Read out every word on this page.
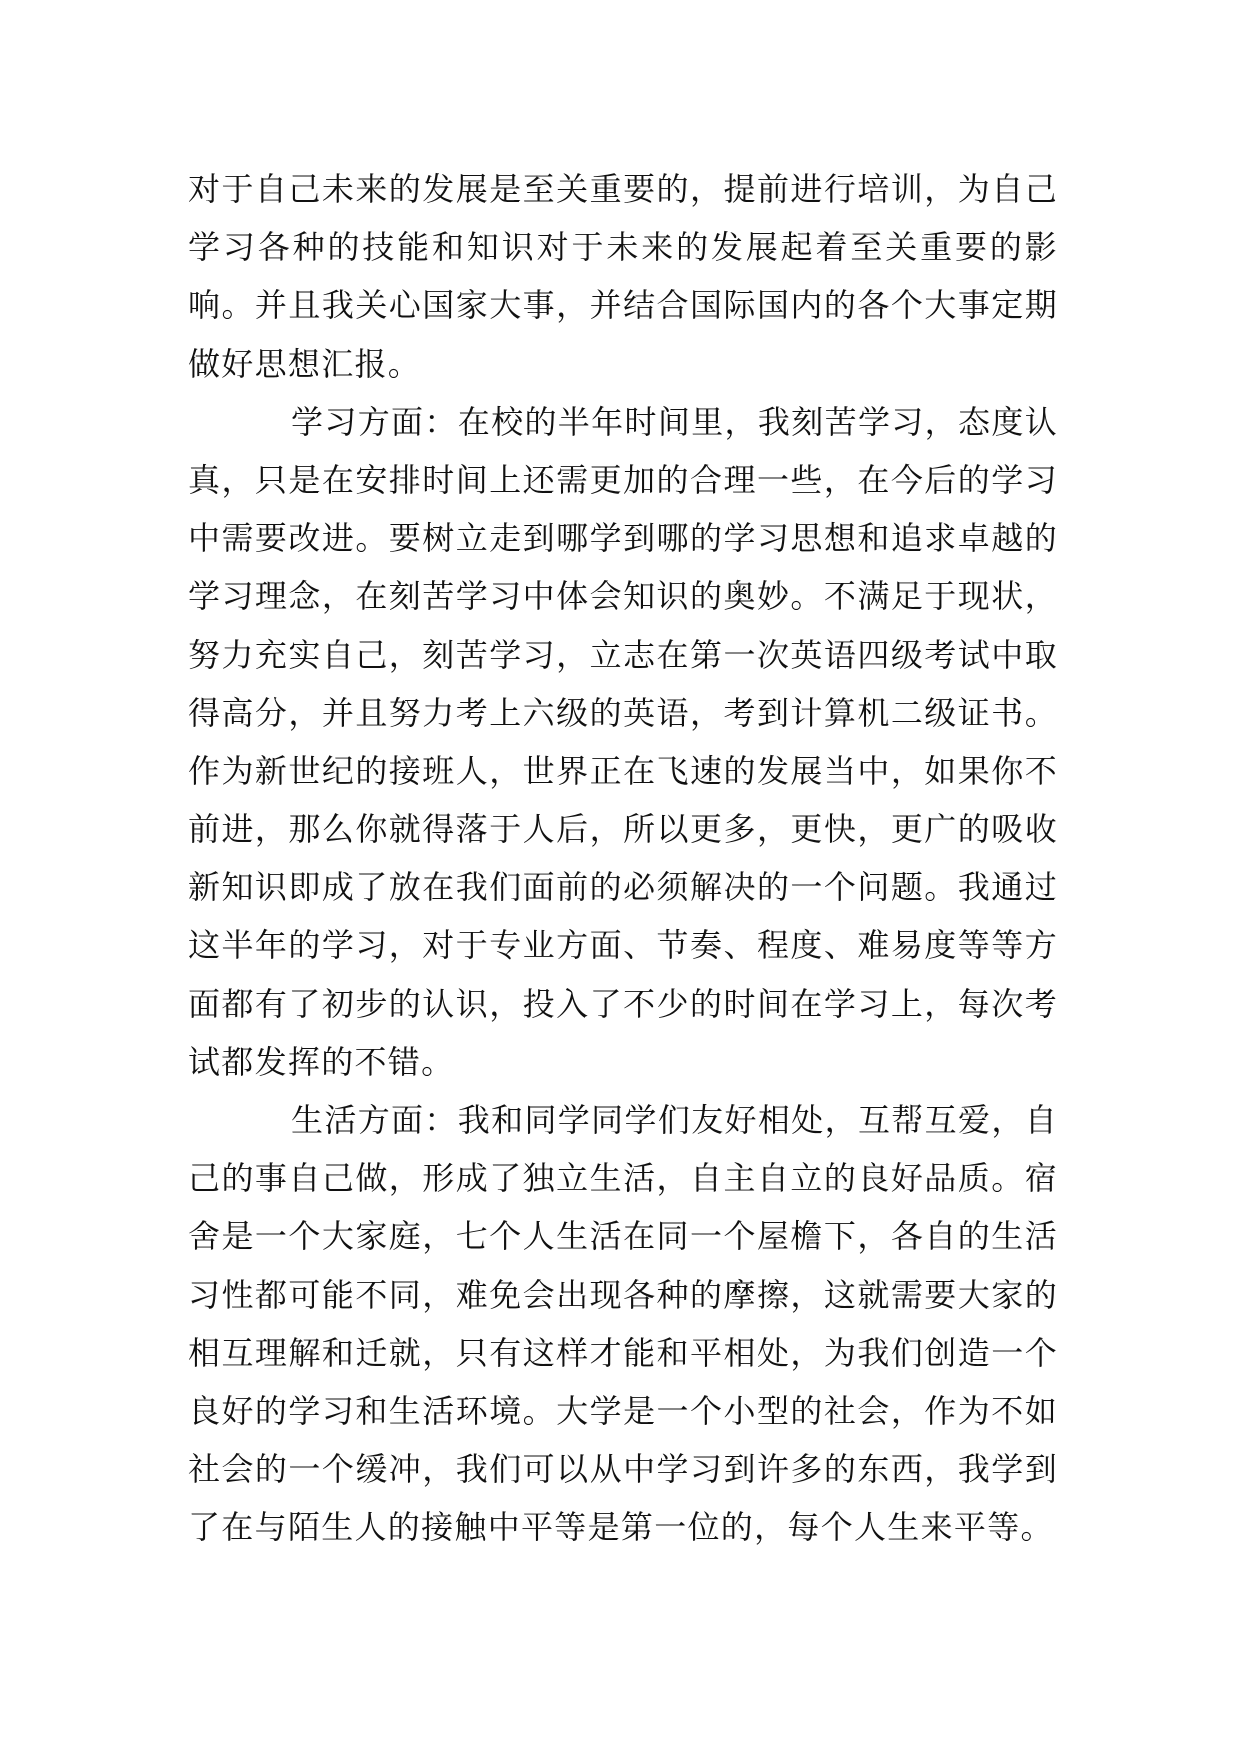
对于自己未来的发展是至关重要的，提前进行培训，为自己
学习各种的技能和知识对于未来的发展起着至关重要的影
响。并且我关心国家大事，并结合国际国内的各个大事定期
做好思想汇报。
学习方面：在校的半年时间里，我刻苦学习，态度认
真，只是在安排时间上还需更加的合理一些，在今后的学习
中需要改进。要树立走到哪学到哪的学习思想和追求卓越的
学习理念，在刻苦学习中体会知识的奥妙。不满足于现状，
努力充实自己，刻苦学习，立志在第一次英语四级考试中取
得高分，并且努力考上六级的英语，考到计算机二级证书。
作为新世纪的接班人，世界正在飞速的发展当中，如果你不
前进，那么你就得落于人后，所以更多，更快，更广的吸收
新知识即成了放在我们面前的必须解决的一个问题。我通过
这半年的学习，对于专业方面、节奏、程度、难易度等等方
面都有了初步的认识，投入了不少的时间在学习上，每次考
试都发挥的不错。
生活方面：我和同学同学们友好相处，互帮互爱，自
己的事自己做，形成了独立生活，自主自立的良好品质。宿
舍是一个大家庭，七个人生活在同一个屋檐下，各自的生活
习性都可能不同，难免会出现各种的摩擦，这就需要大家的
相互理解和迁就，只有这样才能和平相处，为我们创造一个
良好的学习和生活环境。大学是一个小型的社会，作为不如
社会的一个缓冲，我们可以从中学习到许多的东西，我学到
了在与陌生人的接触中平等是第一位的，每个人生来平等。
